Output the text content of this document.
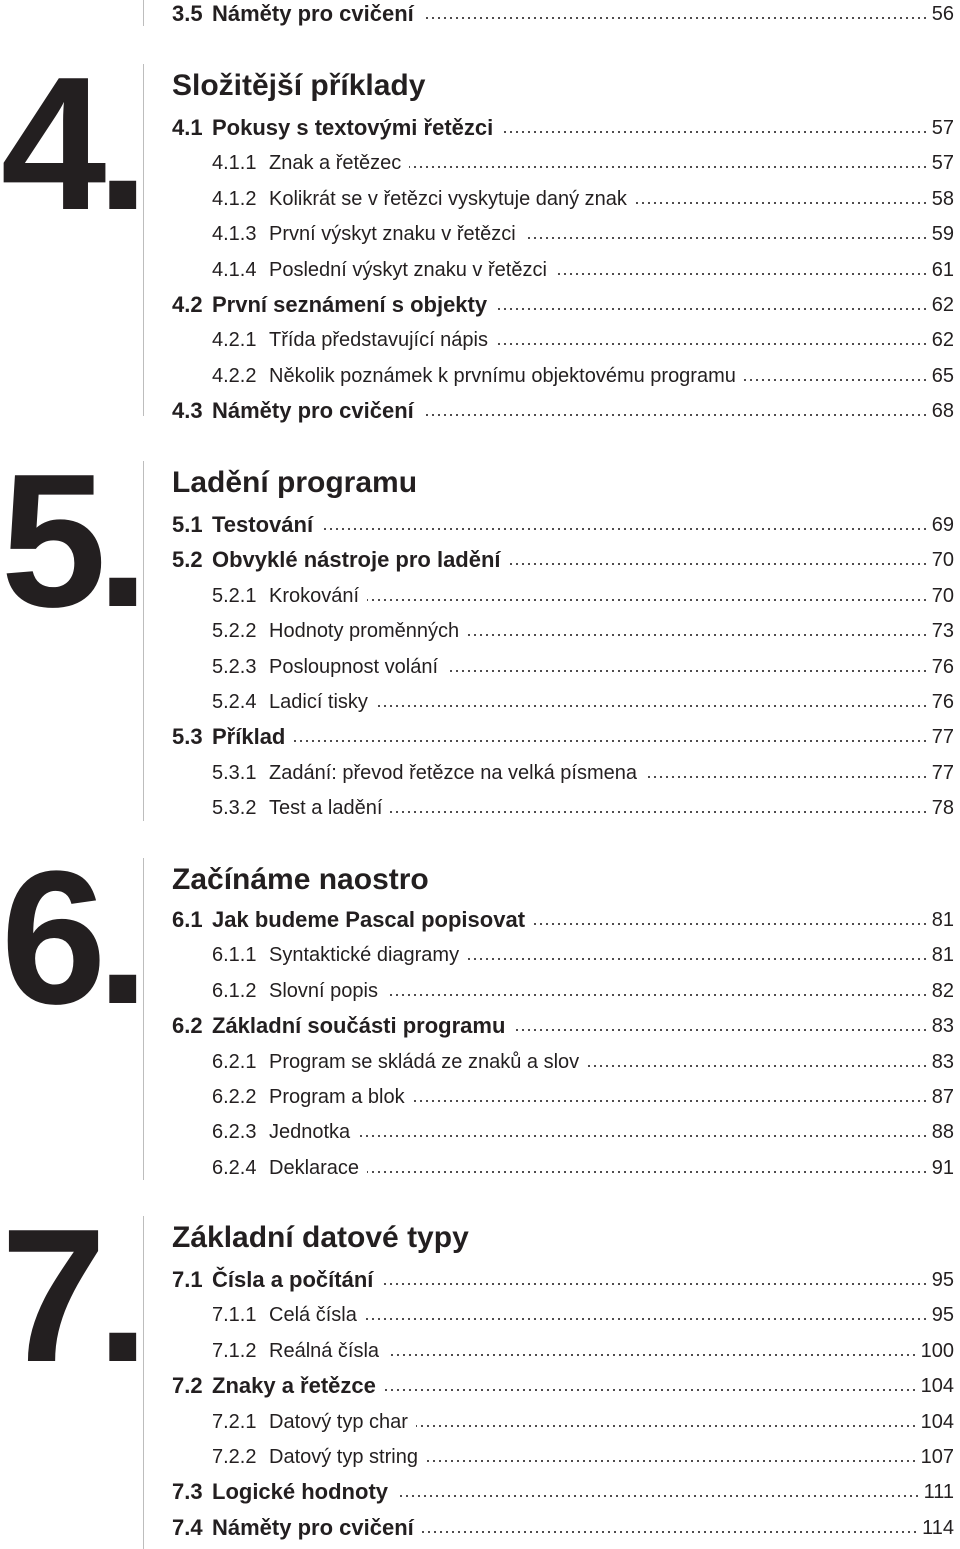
3.5 Náměty pro cvičení	56
4. Složitější příklady
4.1 Pokusy s textovými řetězci	57
4.1.1 Znak a řetězec	57
4.1.2 Kolikrát se v řetězci vyskytuje daný znak	58
4.1.3 První výskyt znaku v řetězci	59
4.1.4 Poslední výskyt znaku v řetězci	61
4.2 První seznámení s objekty	62
4.2.1 Třída představující nápis	62
4.2.2 Několik poznámek k prvnímu objektovému programu	65
4.3 Náměty pro cvičení	68
5. Ladění programu
5.1 Testování	69
5.2 Obvyklé nástroje pro ladění	70
5.2.1 Krokování	70
5.2.2 Hodnoty proměnných	73
5.2.3 Posloupnost volání	76
5.2.4 Ladicí tisky	76
5.3 Příklad	77
5.3.1 Zadání: převod řetězce na velká písmena	77
5.3.2 Test a ladění	78
6. Začínáme naostro
6.1 Jak budeme Pascal popisovat	81
6.1.1 Syntaktické diagramy	81
6.1.2 Slovní popis	82
6.2 Základní součásti programu	83
6.2.1 Program se skládá ze znaků a slov	83
6.2.2 Program a blok	87
6.2.3 Jednotka	88
6.2.4 Deklarace	91
7. Základní datové typy
7.1 Čísla a počítání	95
7.1.1 Celá čísla	95
7.1.2 Reálná čísla	100
7.2 Znaky a řetězce	104
7.2.1 Datový typ char	104
7.2.2 Datový typ string	107
7.3 Logické hodnoty	111
7.4 Náměty pro cvičení	114
